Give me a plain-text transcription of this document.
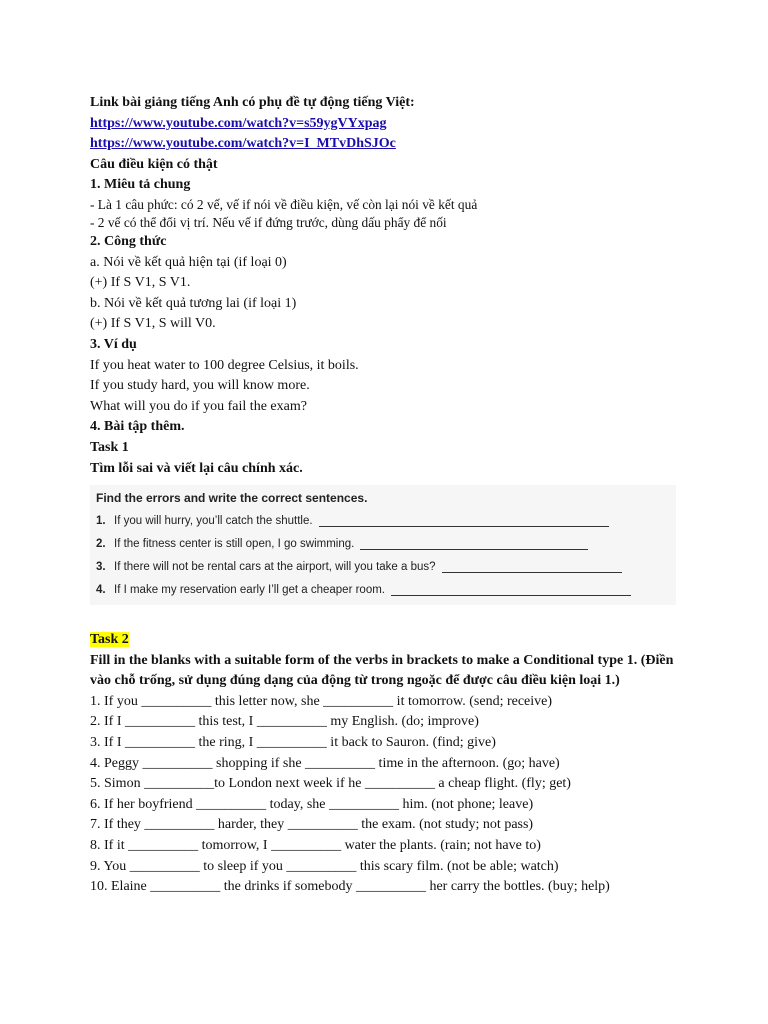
Link bài giảng tiếng Anh có phụ đề tự động tiếng Việt:
https://www.youtube.com/watch?v=s59ygVYxpag
https://www.youtube.com/watch?v=I_MTvDhSJOc
Câu điều kiện có thật
1. Miêu tả chung
- Là 1 câu phức: có 2 vế, vế if nói về điều kiện, vế còn lại nói về kết quả
- 2 vế có thể đổi vị trí. Nếu vế if đứng trước, dùng dấu phẩy để nối
2. Công thức
a. Nói về kết quả hiện tại (if loại 0)
(+) If S V1, S V1.
b. Nói về kết quả tương lai (if loại 1)
(+) If S V1, S will V0.
3. Ví dụ
If you heat water to 100 degree Celsius, it boils.
If you study hard, you will know more.
What will you do if you fail the exam?
4. Bài tập thêm.
Task 1
Tìm lỗi sai và viết lại câu chính xác.
Find the errors and write the correct sentences.
1. If you will hurry, you’ll catch the shuttle.
2. If the fitness center is still open, I go swimming.
3. If there will not be rental cars at the airport, will you take a bus?
4. If I make my reservation early I’ll get a cheaper room.
Task 2
Fill in the blanks with a suitable form of the verbs in brackets to make a Conditional type 1. (Điền vào chỗ trống, sử dụng đúng dạng của động từ trong ngoặc để được câu điều kiện loại 1.)
1. If you __________ this letter now, she __________ it tomorrow. (send; receive)
2. If I __________ this test, I __________ my English. (do; improve)
3. If I __________ the ring, I __________ it back to Sauron. (find; give)
4. Peggy __________ shopping if she __________ time in the afternoon. (go; have)
5. Simon __________to London next week if he __________ a cheap flight. (fly; get)
6. If her boyfriend __________ today, she __________ him. (not phone; leave)
7. If they __________ harder, they __________ the exam. (not study; not pass)
8. If it __________ tomorrow, I __________ water the plants. (rain; not have to)
9. You __________ to sleep if you __________ this scary film. (not be able; watch)
10. Elaine __________ the drinks if somebody __________ her carry the bottles. (buy; help)
